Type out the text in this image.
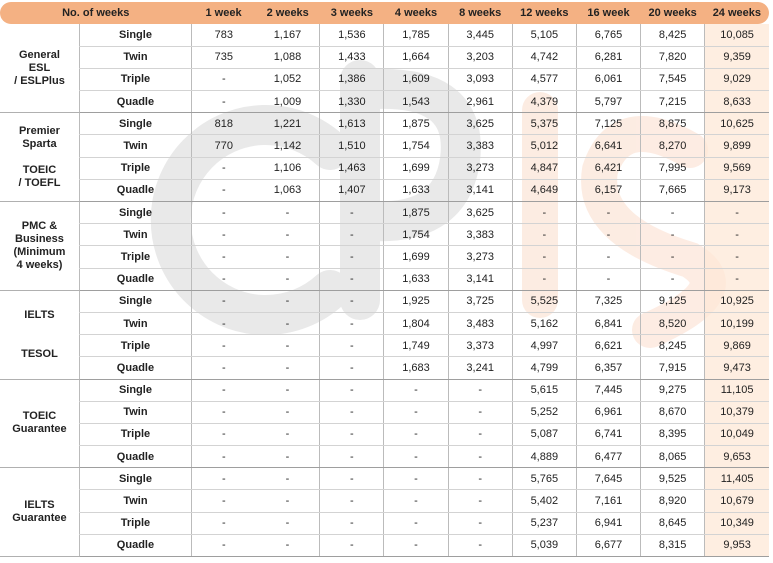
No. of weeks		1 week	2 weeks	3 weeks	4 weeks	8 weeks	12 weeks	16 week	20 weeks	24 weeks

General
ESL
/ ESLPlus	Single	783	1,167	1,536	1,785	3,445	5,105	6,765	8,425	10,085
	Twin	735	1,088	1,433	1,664	3,203	4,742	6,281	7,820	9,359
	Triple	-	1,052	1,386	1,609	3,093	4,577	6,061	7,545	9,029
	Quadle	-	1,009	1,330	1,543	2,961	4,379	5,797	7,215	8,633

Premier
Sparta

TOEIC
/ TOEFL	Single	818	1,221	1,613	1,875	3,625	5,375	7,125	8,875	10,625
	Twin	770	1,142	1,510	1,754	3,383	5,012	6,641	8,270	9,899
	Triple	-	1,106	1,463	1,699	3,273	4,847	6,421	7,995	9,569
	Quadle	-	1,063	1,407	1,633	3,141	4,649	6,157	7,665	9,173

PMC &
Business
(Minimum
4 weeks)	Single	-	-	-	1,875	3,625	-	-	-	-
	Twin	-	-	-	1,754	3,383	-	-	-	-
	Triple	-	-	-	1,699	3,273	-	-	-	-
	Quadle	-	-	-	1,633	3,141	-	-	-	-

IELTS

TESOL	Single	-	-	-	1,925	3,725	5,525	7,325	9,125	10,925
	Twin	-	-	-	1,804	3,483	5,162	6,841	8,520	10,199
	Triple	-	-	-	1,749	3,373	4,997	6,621	8,245	9,869
	Quadle	-	-	-	1,683	3,241	4,799	6,357	7,915	9,473

TOEIC
Guarantee	Single	-	-	-	-	-	5,615	7,445	9,275	11,105
	Twin	-	-	-	-	-	5,252	6,961	8,670	10,379
	Triple	-	-	-	-	-	5,087	6,741	8,395	10,049
	Quadle	-	-	-	-	-	4,889	6,477	8,065	9,653

IELTS
Guarantee	Single	-	-	-	-	-	5,765	7,645	9,525	11,405
	Twin	-	-	-	-	-	5,402	7,161	8,920	10,679
	Triple	-	-	-	-	-	5,237	6,941	8,645	10,349
	Quadle	-	-	-	-	-	5,039	6,677	8,315	9,953
